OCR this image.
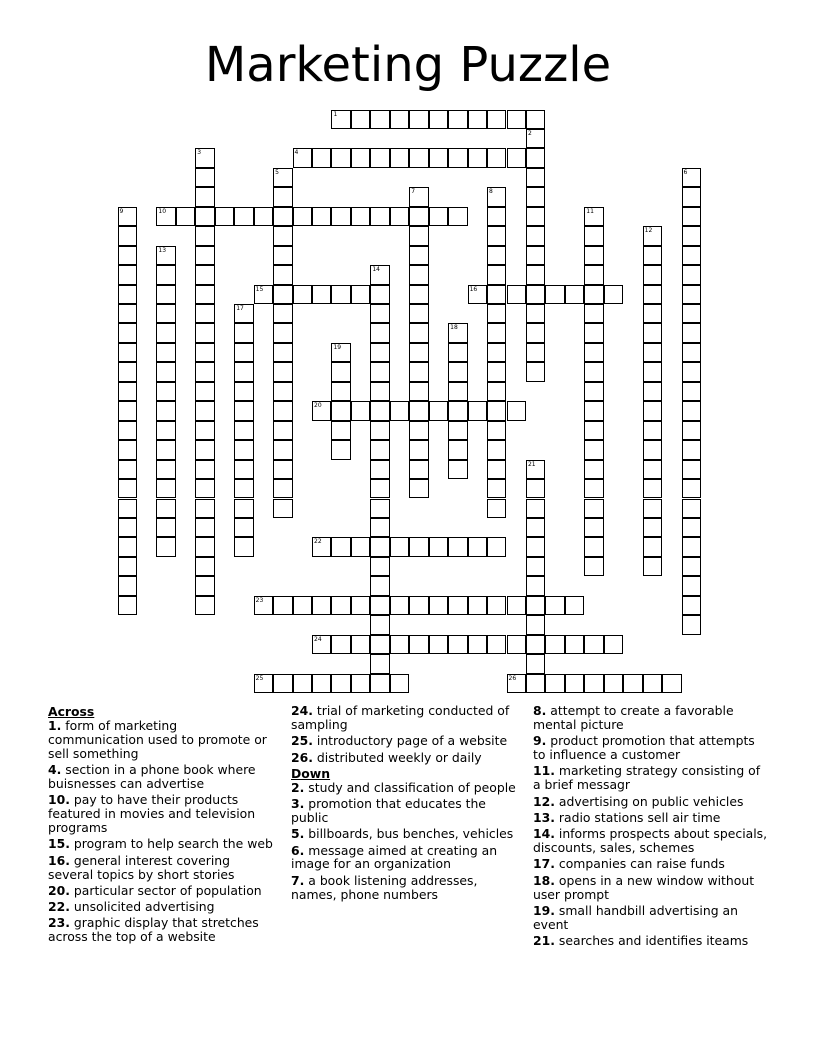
Marketing Puzzle
1
2
3	4
5	6
7	8
9	10	11
12
13
14
15	16
17
18
19
20
21
22
23
24
25	26
Across
1. form of marketing communication used to promote or sell something
4. section in a phone book where buisnesses can advertise
10. pay to have their products featured in movies and television programs
15. program to help search the web
16. general interest covering several topics by short stories
20. particular sector of population
22. unsolicited advertising
23. graphic display that stretches across the top of a website
24. trial of marketing conducted of sampling
25. introductory page of a website
26. distributed weekly or daily
Down
2. study and classification of people
3. promotion that educates the public
5. billboards, bus benches, vehicles
6. message aimed at creating an image for an organization
7. a book listening addresses, names, phone numbers
8. attempt to create a favorable mental picture
9. product promotion that attempts to influence a customer
11. marketing strategy consisting of a brief messagr
12. advertising on public vehicles
13. radio stations sell air time
14. informs prospects about specials, discounts, sales, schemes
17. companies can raise funds
18. opens in a new window without user prompt
19. small handbill advertising an event
21. searches and identifies iteams
